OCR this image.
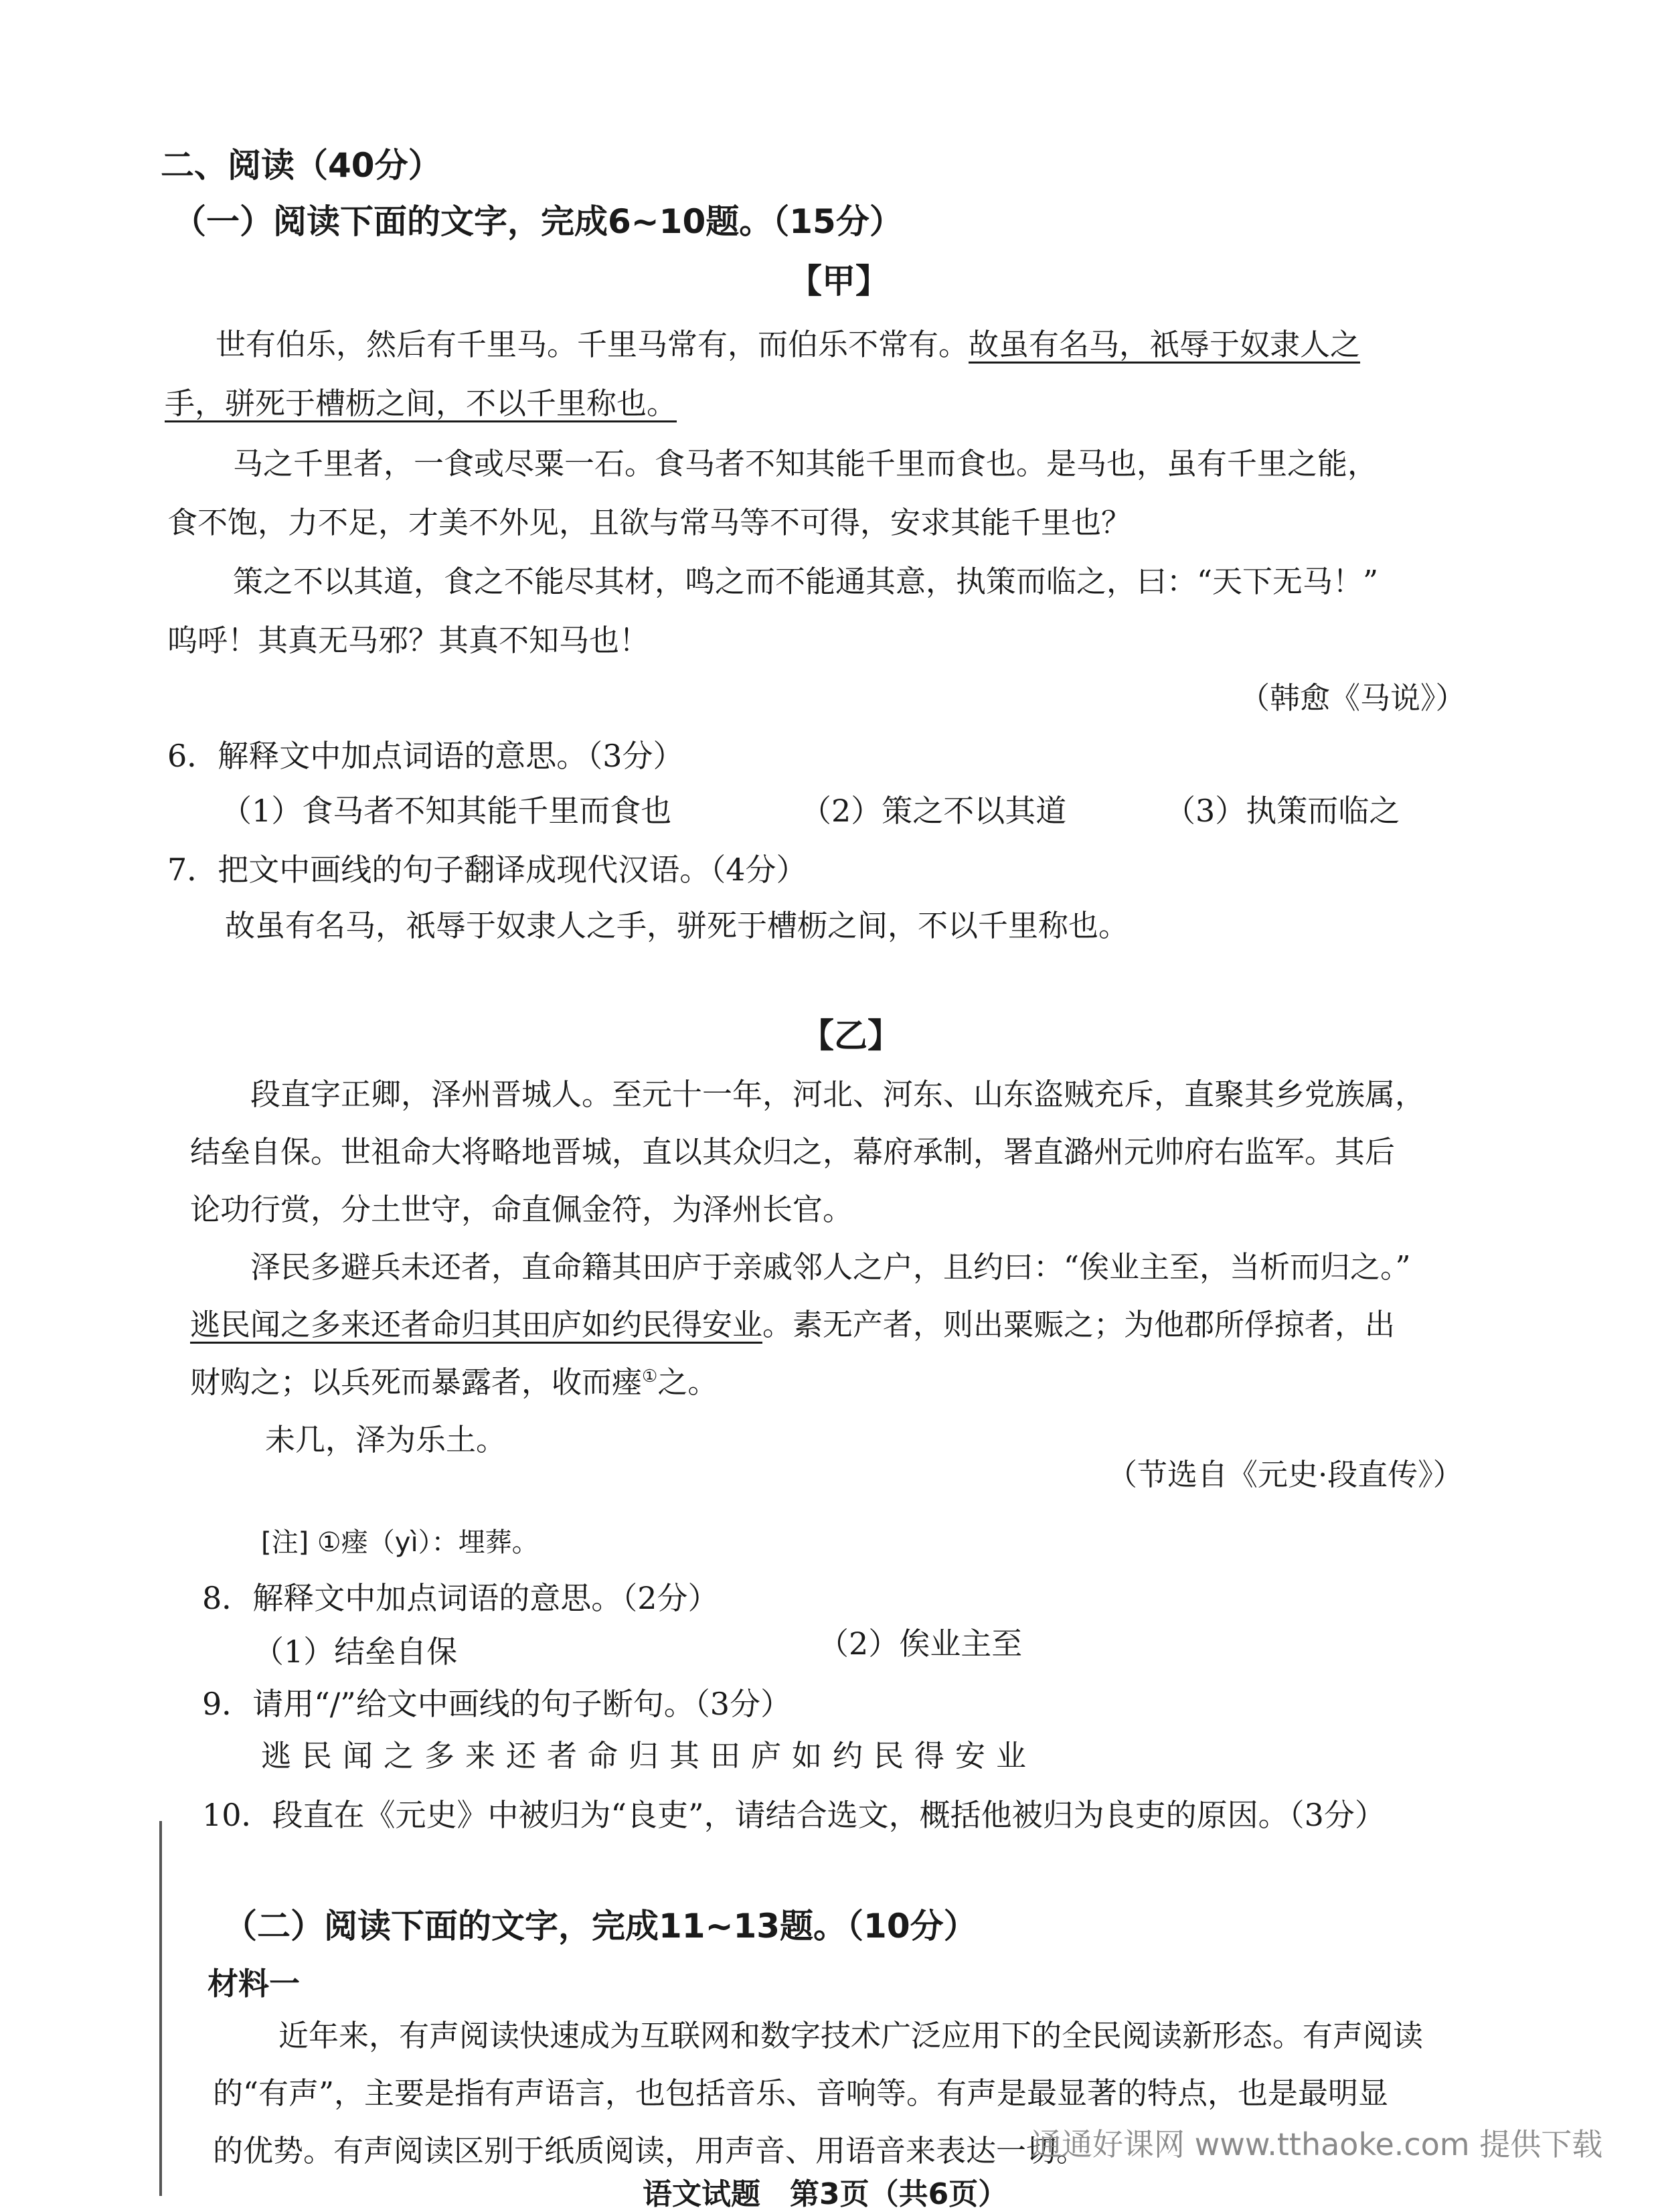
二、阅读（40分）
（一）阅读下面的文字，完成6~10题。（15分）
【甲】
世有伯乐，然后有千里马。千里马常有，而伯乐不常有。故虽有名马，祇辱于奴隶人之
手，骈死于槽枥之间，不以千里称也。
马之千里者，一食或尽粟一石。食马者不知其能千里而食也。是马也，虽有千里之能，
食不饱，力不足，才美不外见，且欲与常马等不可得，安求其能千里也？
策之不以其道，食之不能尽其材，鸣之而不能通其意，执策而临之，曰：“天下无马！”
呜呼！其真无马邪？其真不知马也！
（韩愈《马说》）
6．解释文中加点词语的意思。（3分）
（1）食马者不知其能千里而食也	（2）策之不以其道	（3）执策而临之
7．把文中画线的句子翻译成现代汉语。（4分）
故虽有名马，祇辱于奴隶人之手，骈死于槽枥之间，不以千里称也。
【乙】
段直字正卿，泽州晋城人。至元十一年，河北、河东、山东盗贼充斥，直聚其乡党族属，
结垒自保。世祖命大将略地晋城，直以其众归之，幕府承制，署直潞州元帅府右监军。其后
论功行赏，分土世守，命直佩金符，为泽州长官。
泽民多避兵未还者，直命籍其田庐于亲戚邻人之户，且约曰：“俟业主至，当析而归之。”
逃民闻之多来还者命归其田庐如约民得安业。素无产者，则出粟赈之；为他郡所俘掠者，出
财购之；以兵死而暴露者，收而瘗①之。
未几，泽为乐土。
（节选自《元史·段直传》）
[注] ①瘗（yì）：埋葬。
8．解释文中加点词语的意思。（2分）
（1）结垒自保	（2）俟业主至
9．请用“/”给文中画线的句子断句。（3分）
逃民闻之多来还者命归其田庐如约民得安业
10．段直在《元史》中被归为“良吏”，请结合选文，概括他被归为良吏的原因。（3分）
（二）阅读下面的文字，完成11~13题。（10分）
材料一
近年来，有声阅读快速成为互联网和数字技术广泛应用下的全民阅读新形态。有声阅读
的“有声”，主要是指有声语言，也包括音乐、音响等。有声是最显著的特点，也是最明显
的优势。有声阅读区别于纸质阅读，用声音、用语音来表达一切。
语文试题　第3页（共6页）
通通好课网 www.tthaoke.com 提供下载
